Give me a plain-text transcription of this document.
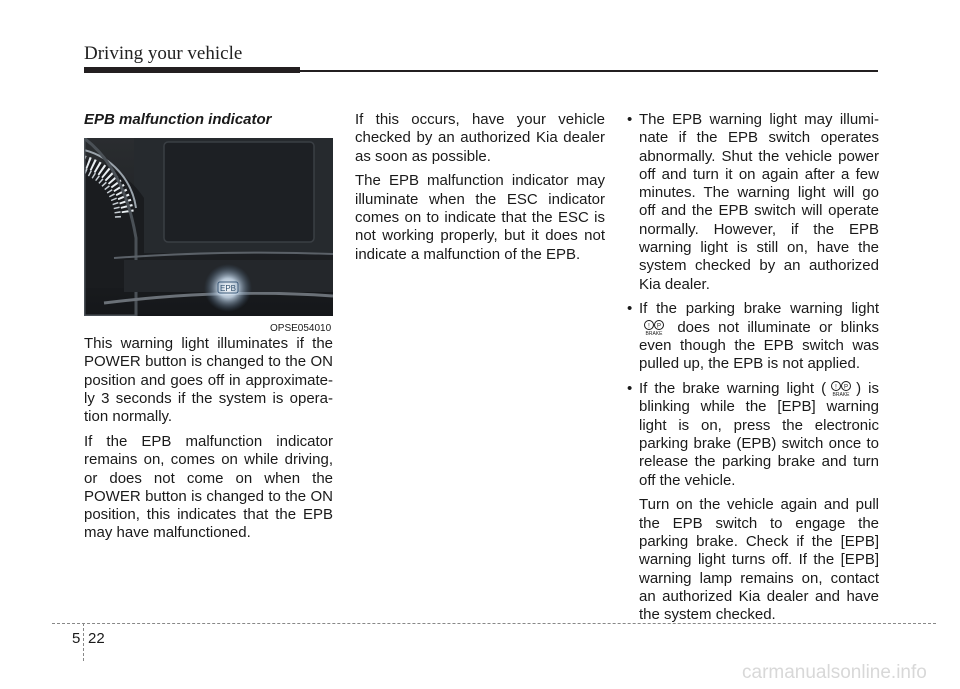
Driving your vehicle
EPB malfunction indicator
EPB
OPSE054010

This warning light illuminates if the POWER button is changed to the ON position and goes off in approximate- ly 3 seconds if the system is opera- tion normally.

If the EPB malfunction indicator remains on, comes on while driving, or does not come on when the POWER button is changed to the ON position, this indicates that the EPB may have malfunctioned.

If this occurs, have your vehicle checked by an authorized Kia dealer as soon as possible.

The EPB malfunction indicator may illuminate when the ESC indicator comes on to indicate that the ESC is not working properly, but it does not indicate a malfunction of the EPB.

• The EPB warning light may illumi- nate if the EPB switch operates abnormally. Shut the vehicle power off and turn it on again after a few minutes. The warning light will go off and the EPB switch will operate normally. However, if the EPB warning light is still on, have the system checked by an authorized Kia dealer.
• If the parking brake warning light
! P
BRAKE does not illuminate or blinks even though the EPB switch was pulled up, the EPB is not applied.
• If the brake warning light ( ! P
BRAKE ) is blinking while the [EPB] warning light is on, press the electronic parking brake (EPB) switch once to release the parking brake and turn off the vehicle.
Turn on the vehicle again and pull the EPB switch to engage the parking brake. Check if the [EPB] warning light turns off. If the [EPB] warning lamp remains on, contact an authorized Kia dealer and have the system checked.
5 22
carmanualsonline.info
